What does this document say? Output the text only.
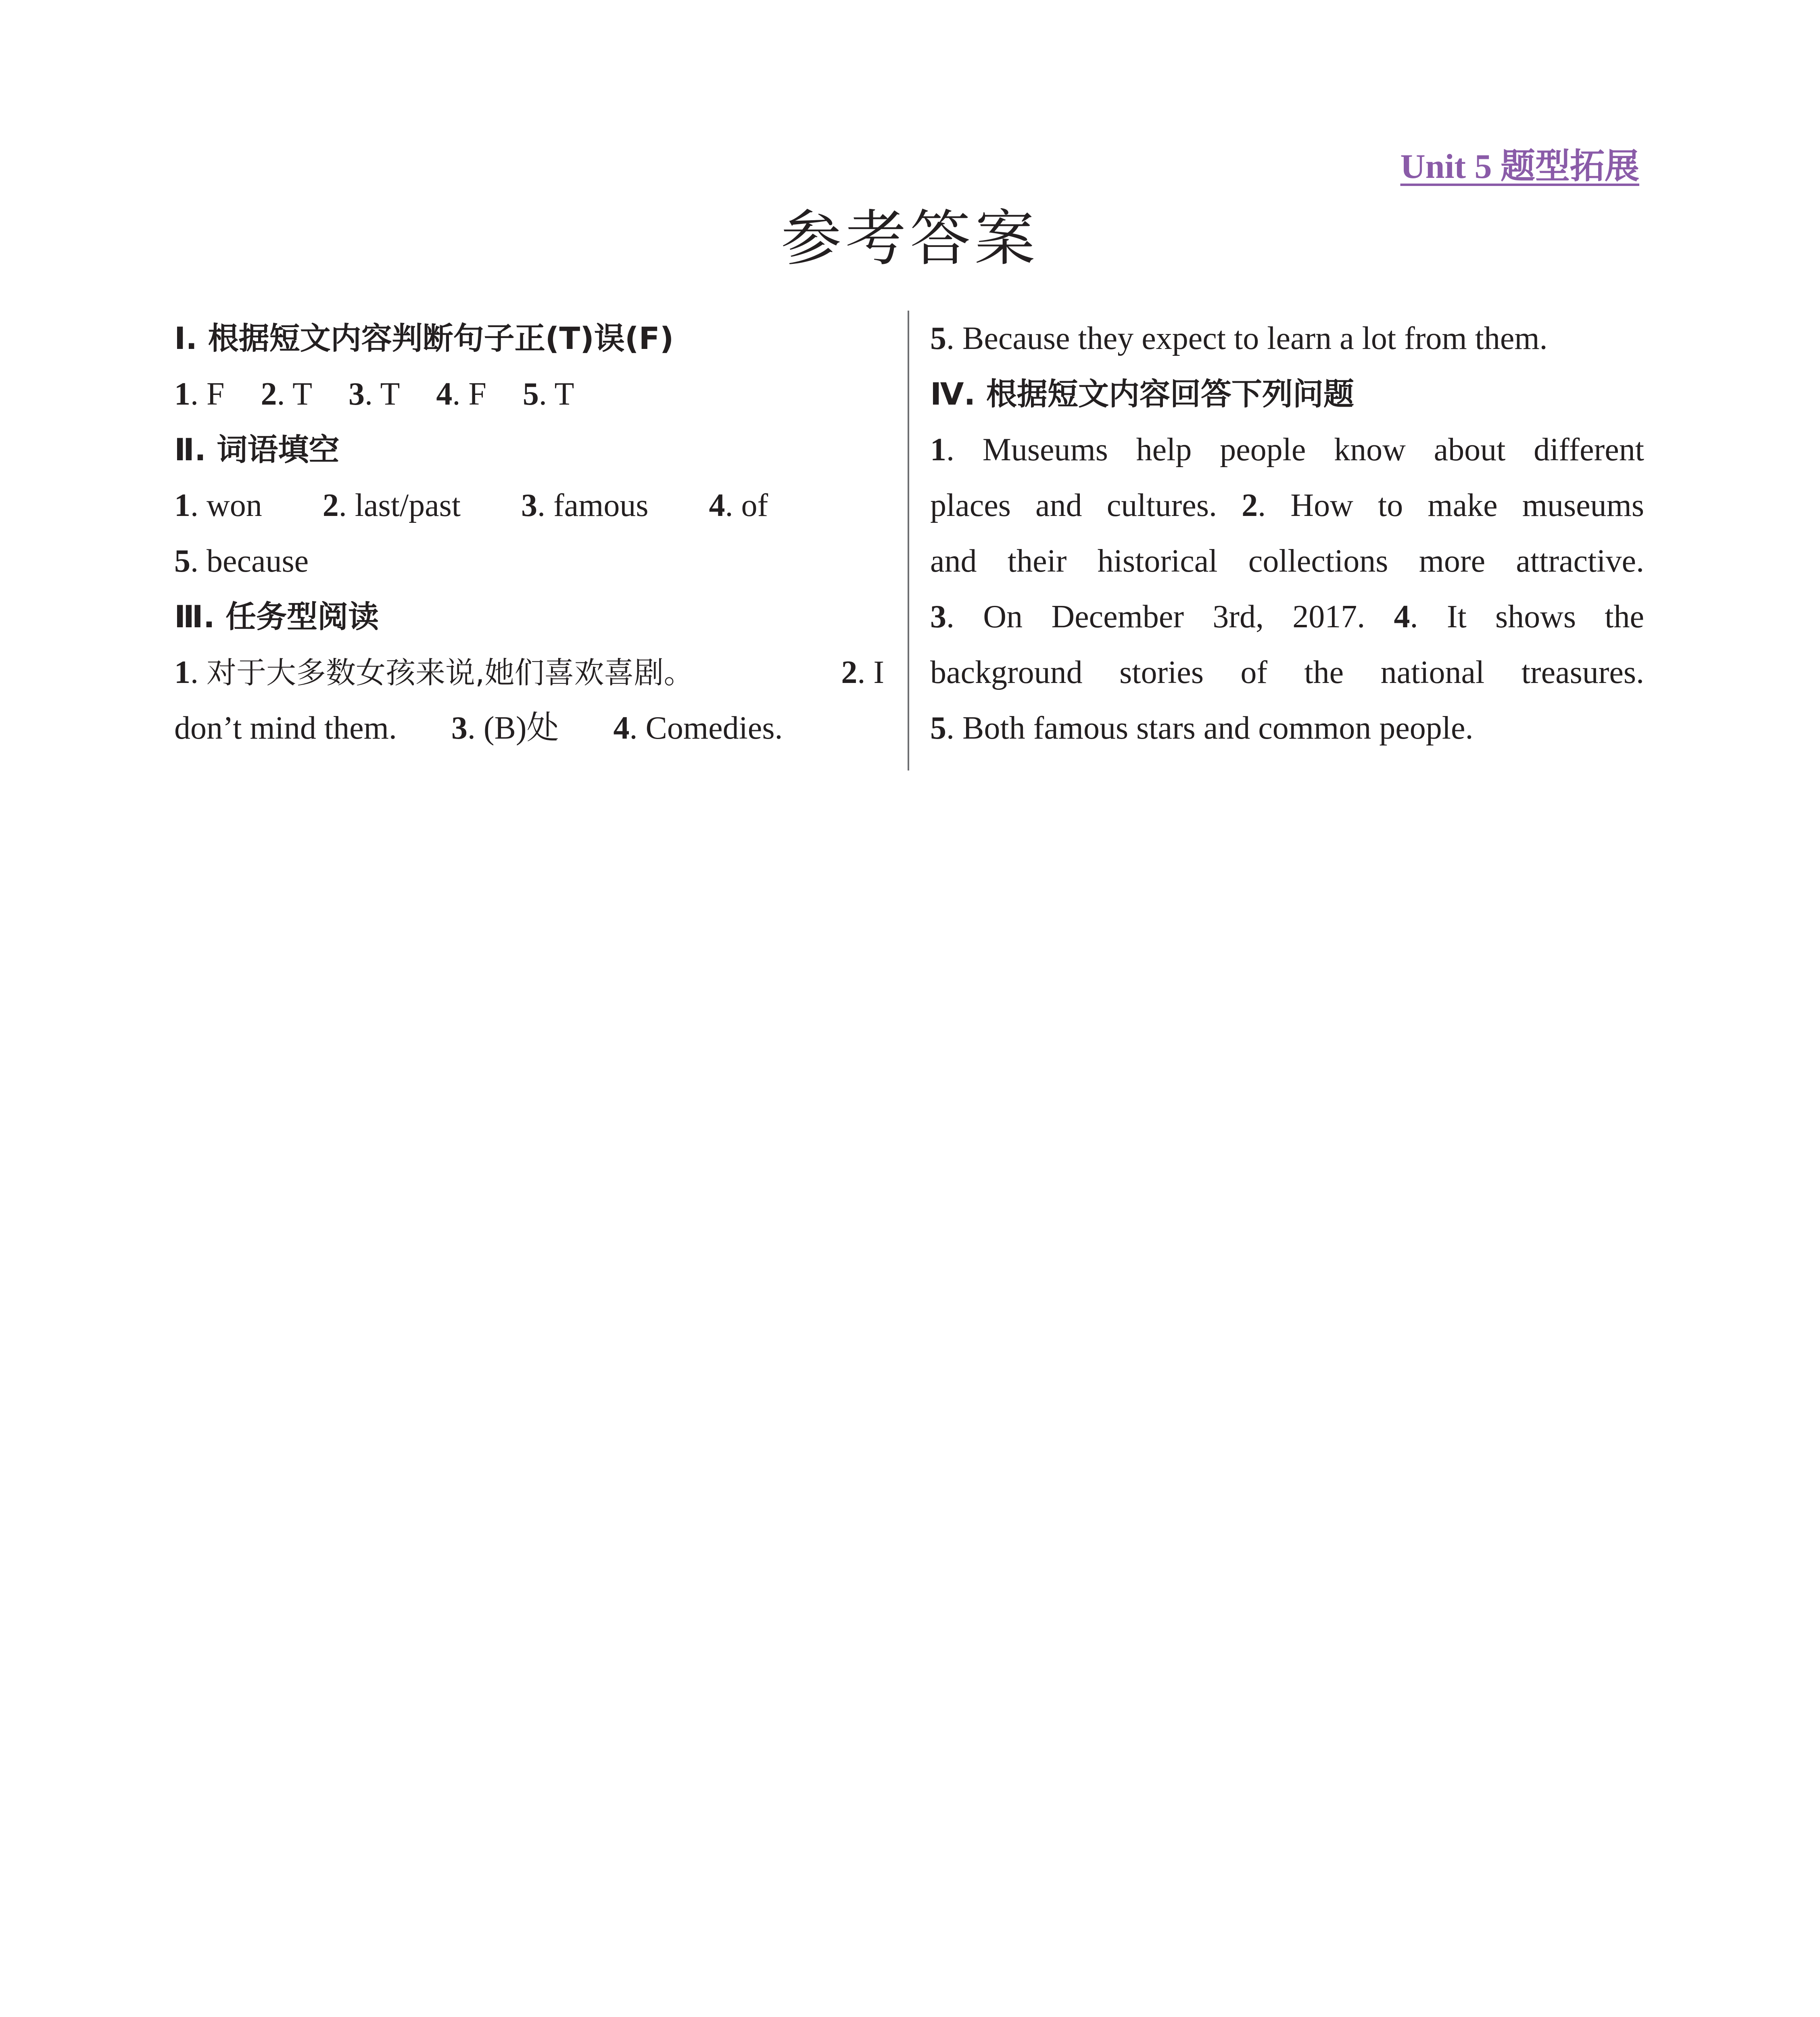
Unit 5 题型拓展
参考答案
Ⅰ. 根据短文内容判断句子正(T)误(F)
1. F 2. T 3. T 4. F 5. T
Ⅱ. 词语填空
1. won 2. last/past 3. famous 4. of
5. because
Ⅲ. 任务型阅读
1. 对于大多数女孩来说,她们喜欢喜剧。	2. I
don’t mind them. 3. (B)处 4. Comedies.
5. Because they expect to learn a lot from them.
Ⅳ. 根据短文内容回答下列问题
1. Museums help people know about different
places and cultures. 2. How to make museums
and their historical collections more attractive.
3. On December 3rd, 2017. 4. It shows the
background stories of the national treasures.
5. Both famous stars and common people.
